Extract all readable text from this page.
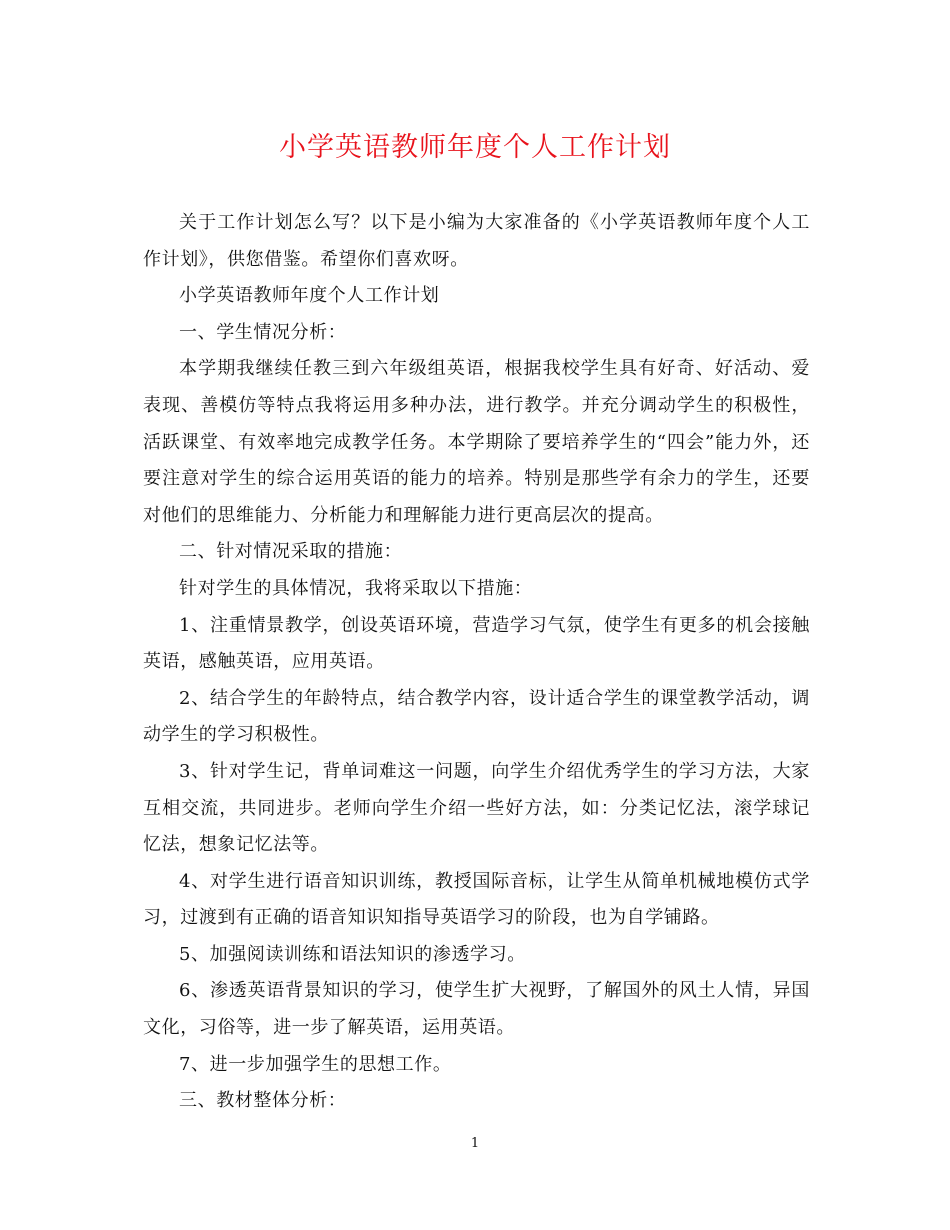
小学英语教师年度个人工作计划

关于工作计划怎么写？以下是小编为大家准备的《小学英语教师年度个人工作计划》，供您借鉴。希望你们喜欢呀。

小学英语教师年度个人工作计划

一、学生情况分析：

本学期我继续任教三到六年级组英语，根据我校学生具有好奇、好活动、爱表现、善模仿等特点我将运用多种办法，进行教学。并充分调动学生的积极性，活跃课堂、有效率地完成教学任务。本学期除了要培养学生的“四会”能力外，还要注意对学生的综合运用英语的能力的培养。特别是那些学有余力的学生，还要对他们的思维能力、分析能力和理解能力进行更高层次的提高。

二、针对情况采取的措施：

针对学生的具体情况，我将采取以下措施：

1、注重情景教学，创设英语环境，营造学习气氛，使学生有更多的机会接触英语，感触英语，应用英语。

2、结合学生的年龄特点，结合教学内容，设计适合学生的课堂教学活动，调动学生的学习积极性。

3、针对学生记，背单词难这一问题，向学生介绍优秀学生的学习方法，大家互相交流，共同进步。老师向学生介绍一些好方法，如：分类记忆法，滚学球记忆法，想象记忆法等。

4、对学生进行语音知识训练，教授国际音标，让学生从简单机械地模仿式学习，过渡到有正确的语音知识知指导英语学习的阶段，也为自学铺路。

5、加强阅读训练和语法知识的渗透学习。

6、渗透英语背景知识的学习，使学生扩大视野，了解国外的风土人情，异国文化，习俗等，进一步了解英语，运用英语。

7、进一步加强学生的思想工作。

三、教材整体分析：

1
